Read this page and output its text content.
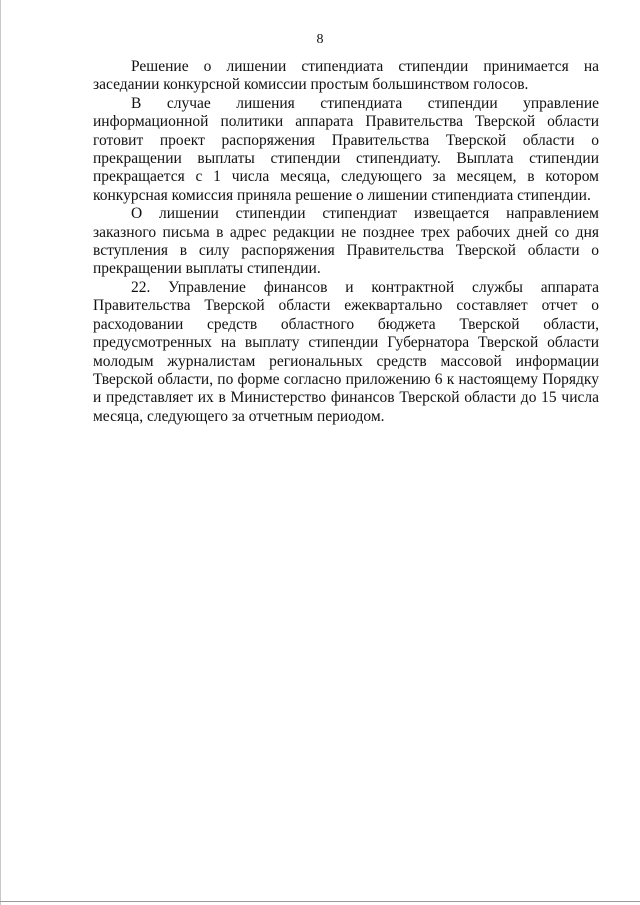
8

Решение о лишении стипендиата стипендии принимается на заседании конкурсной комиссии простым большинством голосов.

В случае лишения стипендиата стипендии управление информационной политики аппарата Правительства Тверской области готовит проект распоряжения Правительства Тверской области о прекращении выплаты стипендии стипендиату. Выплата стипендии прекращается с 1 числа месяца, следующего за месяцем, в котором конкурсная комиссия приняла решение о лишении стипендиата стипендии.

О лишении стипендии стипендиат извещается направлением заказного письма в адрес редакции не позднее трех рабочих дней со дня вступления в силу распоряжения Правительства Тверской области о прекращении выплаты стипендии.

22. Управление финансов и контрактной службы аппарата Правительства Тверской области ежеквартально составляет отчет о расходовании средств областного бюджета Тверской области, предусмотренных на выплату стипендии Губернатора Тверской области молодым журналистам региональных средств массовой информации Тверской области, по форме согласно приложению 6 к настоящему Порядку и представляет их в Министерство финансов Тверской области до 15 числа месяца, следующего за отчетным периодом.
